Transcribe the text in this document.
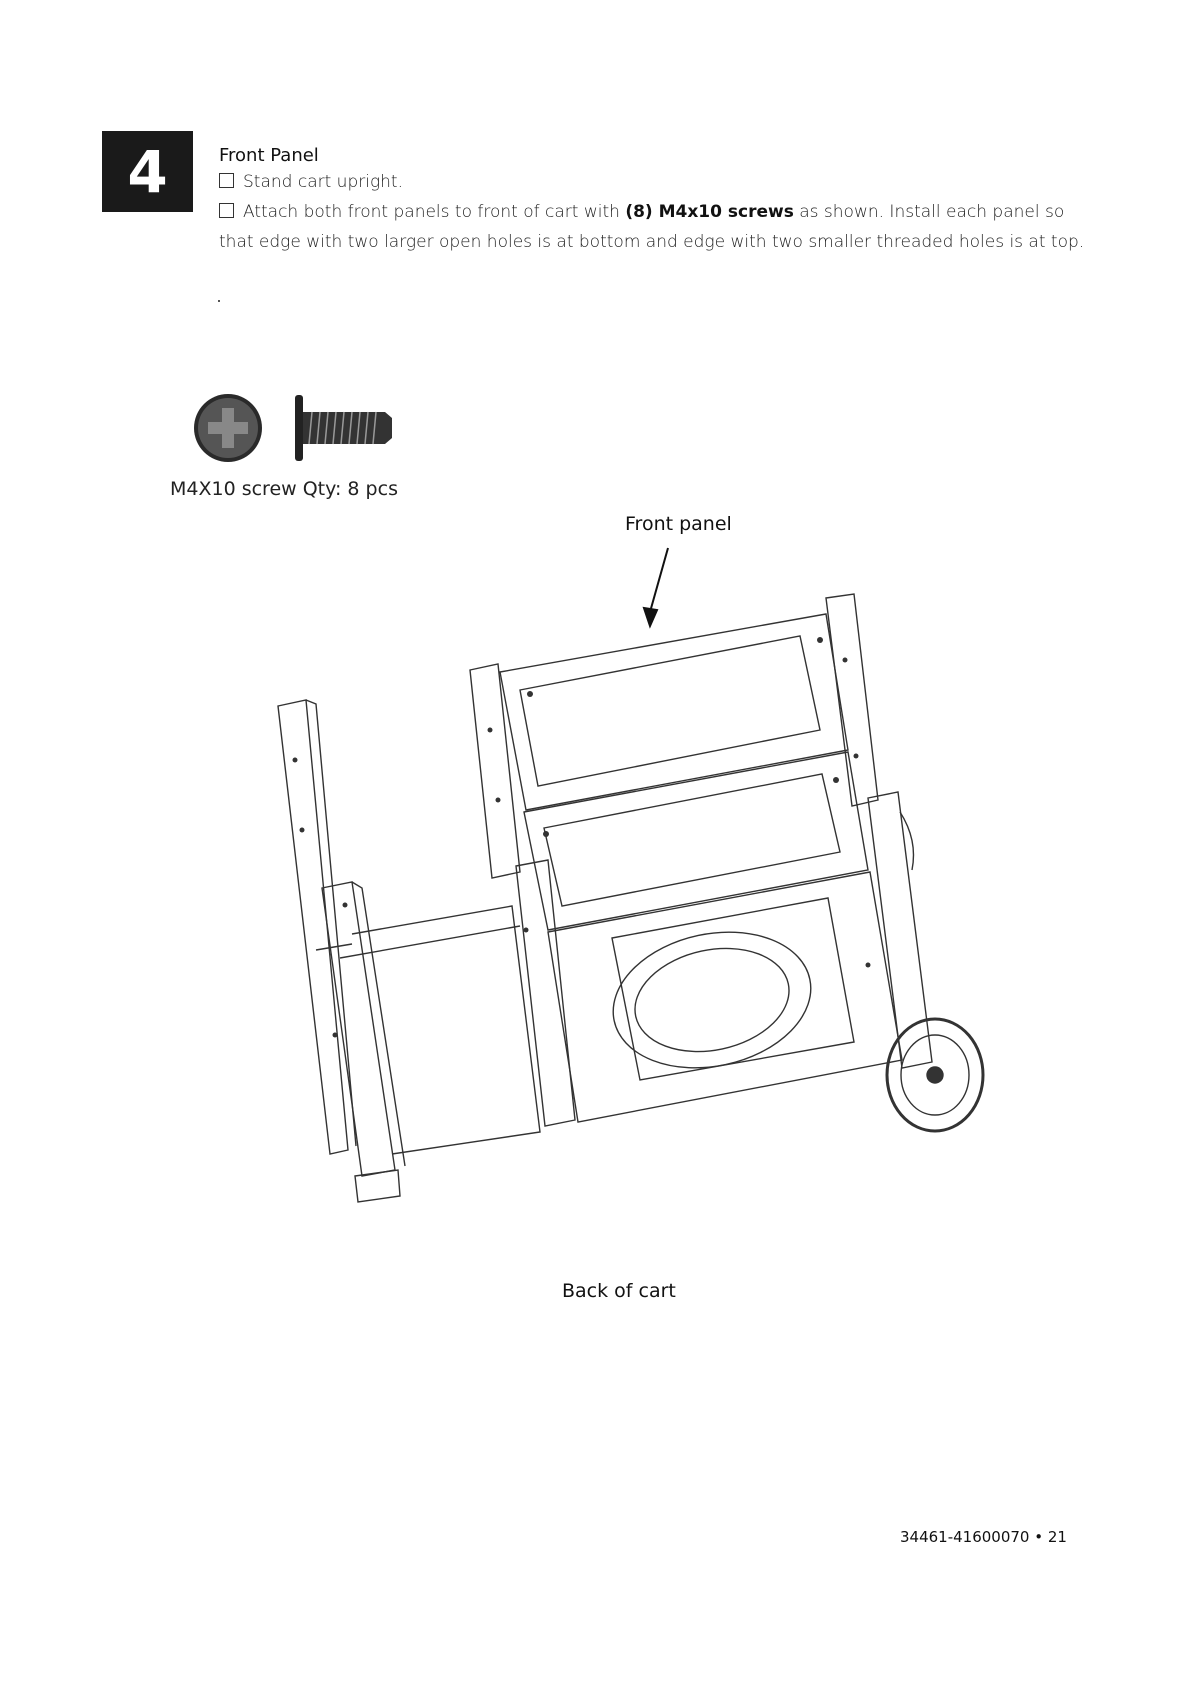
4	Front Panel
Stand cart upright.
Attach both front panels to front of cart with (8) M4x10 screws as shown. Install each panel so
that edge with two larger open holes is at bottom and edge with two smaller threaded holes is at top.
M4X10 screw Qty: 8 pcs
Front panel
Back of cart
34461-41600070 • 21
